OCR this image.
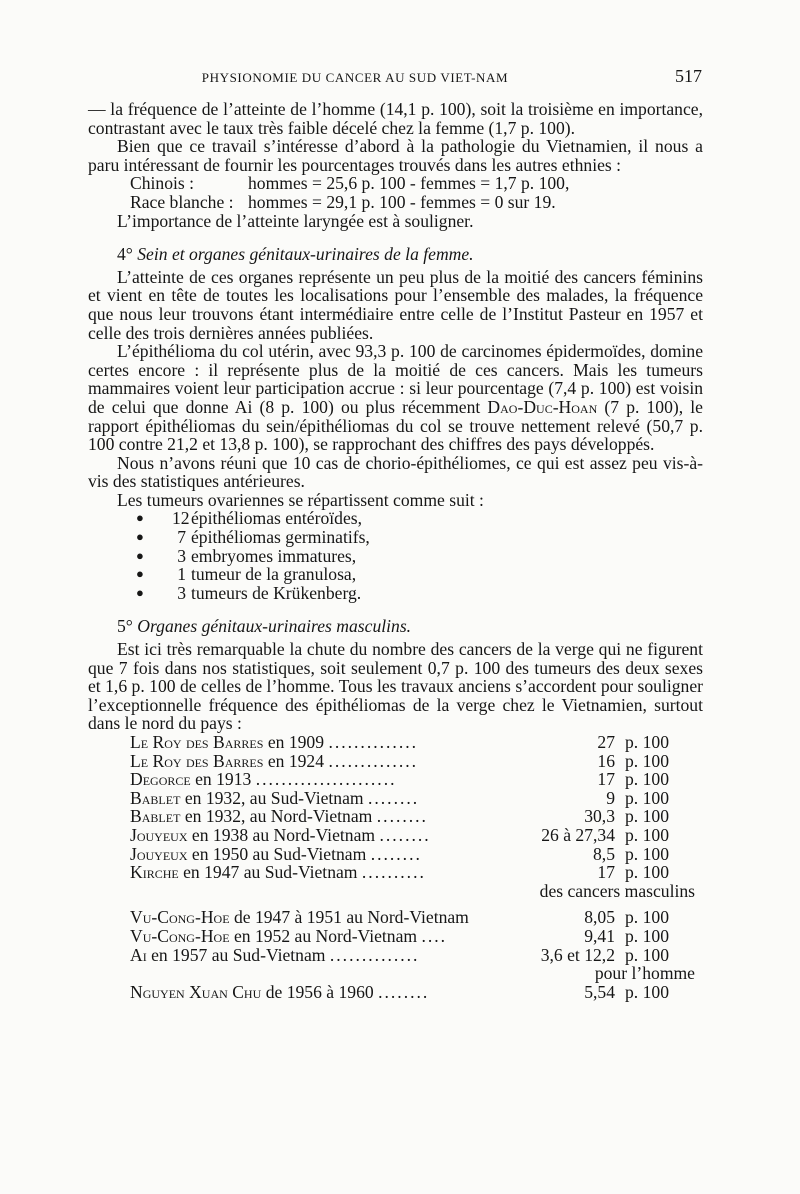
PHYSIONOMIE DU CANCER AU SUD VIET-NAM	517

— la fréquence de l’atteinte de l’homme (14,1 p. 100), soit la troisième en importance, contrastant avec le taux très faible décelé chez la femme (1,7 p. 100).

Bien que ce travail s’intéresse d’abord à la pathologie du Vietnamien, il nous a paru intéressant de fournir les pourcentages trouvés dans les autres ethnies :

Chinois :	hommes = 25,6 p. 100 - femmes = 1,7 p. 100,
Race blanche : hommes = 29,1 p. 100 - femmes = 0 sur 19.

L’importance de l’atteinte laryngée est à souligner.

4° Sein et organes génitaux-urinaires de la femme.

L’atteinte de ces organes représente un peu plus de la moitié des cancers féminins et vient en tête de toutes les localisations pour l’ensemble des malades, la fréquence que nous leur trouvons étant intermédiaire entre celle de l’Institut Pasteur en 1957 et celle des trois dernières années publiées.

L’épithélioma du col utérin, avec 93,3 p. 100 de carcinomes épidermoïdes, domine certes encore : il représente plus de la moitié de ces cancers. Mais les tumeurs mammaires voient leur participation accrue : si leur pourcentage (7,4 p. 100) est voisin de celui que donne Ai (8 p. 100) ou plus récemment Dao-Duc-Hoan (7 p. 100), le rapport épithéliomas du sein/épithéliomas du col se trouve nettement relevé (50,7 p. 100 contre 21,2 et 13,8 p. 100), se rapprochant des chiffres des pays développés.

Nous n’avons réuni que 10 cas de chorio-épithéliomes, ce qui est assez peu vis-à-vis des statistiques antérieures.

Les tumeurs ovariennes se répartissent comme suit :

● 12épithéliomas entéroïdes,
● 7 épithéliomas germinatifs,
● 3 embryomes immatures,
● 1 tumeur de la granulosa,
● 3 tumeurs de Krükenberg.
5° Organes génitaux-urinaires masculins.

Est ici très remarquable la chute du nombre des cancers de la verge qui ne figurent que 7 fois dans nos statistiques, soit seulement 0,7 p. 100 des tumeurs des deux sexes et 1,6 p. 100 de celles de l’homme. Tous les travaux anciens s’accordent pour souligner l’exceptionnelle fréquence des épithéliomas de la verge chez le Vietnamien, surtout dans le nord du pays :

Le Roy des Barres en 1909 ..............	27	p. 100
Le Roy des Barres en 1924 ..............	16	p. 100
Degorce en 1913 ......................	17	p. 100
Bablet en 1932, au Sud-Vietnam ........	9	p. 100
Bablet en 1932, au Nord-Vietnam ........	30,3	p. 100
Jouyeux en 1938 au Nord-Vietnam ........	26 à 27,34	p. 100
Jouyeux en 1950 au Sud-Vietnam ........	8,5	p. 100
Kirche en 1947 au Sud-Vietnam ..........	17	p. 100
des cancers masculins		

Vu-Cong-Hoe de 1947 à 1951 au Nord-Vietnam	8,05	p. 100
Vu-Cong-Hoe en 1952 au Nord-Vietnam ....	9,41	p. 100
Ai en 1957 au Sud-Vietnam ..............	3,6 et 12,2	p. 100
pour l’homme		
Nguyen Xuan Chu de 1956 à 1960 ........	5,54	p. 100
